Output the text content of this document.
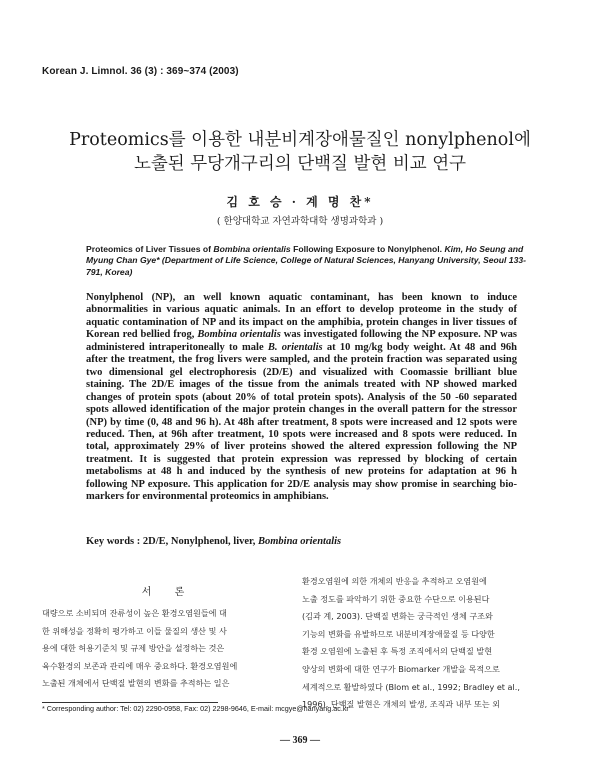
Korean J. Limnol. 36 (3) : 369~374 (2003)
Proteomics를 이용한 내분비계장애물질인 nonylphenol에
노출된 무당개구리의 단백질 발현 비교 연구
김 호 승 · 계 명 찬*
( 한양대학교 자연과학대학 생명과학과 )
Proteomics of Liver Tissues of Bombina orientalis Following Exposure to Nonylphenol. Kim, Ho Seung and Myung Chan Gye* (Department of Life Science, College of Natural Sciences, Hanyang University, Seoul 133- 791, Korea)
Nonylphenol (NP), an well known aquatic contaminant, has been known to induce abnormalities in various aquatic animals. In an effort to develop proteome in the study of aquatic contamination of NP and its impact on the amphibia, protein changes in liver tissues of Korean red bellied frog, Bombina orientalis was investigated following the NP exposure. NP was administered intraperitoneally to male B. orientalis at 10 mg/kg body weight. At 48 and 96h after the treatment, the frog livers were sampled, and the protein fraction was separated using two dimensional gel electrophoresis (2D/E) and visualized with Coomassie brilliant blue staining. The 2D/E images of the tissue from the animals treated with NP showed marked changes of protein spots (about 20% of total protein spots). Analysis of the 50 -60 separated spots allowed identification of the major protein changes in the overall pattern for the stressor (NP) by time (0, 48 and 96 h). At 48h after treatment, 8 spots were increased and 12 spots were reduced. Then, at 96h after treatment, 10 spots were increased and 8 spots were reduced. In total, approximately 29% of liver proteins showed the altered expression following the NP treatment. It is suggested that protein expression was repressed by blocking of certain metabolisms at 48 h and induced by the synthesis of new proteins for adaptation at 96 h following NP exposure. This application for 2D/E analysis may show promise in searching bio-markers for environmental proteomics in amphibians.
Key words : 2D/E, Nonylphenol, liver, Bombina orientalis
서 론
대량으로 소비되며 잔류성이 높은 환경오염원들에 대
한 위해성을 정확히 평가하고 이들 물질의 생산 및 사
용에 대한 허용기준치 및 규제 방안을 설정하는 것은
육수환경의 보존과 관리에 매우 중요하다. 환경오염원에
노출된 개체에서 단백질 발현의 변화를 추적하는 일은
환경오염원에 의한 개체의 반응을 추적하고 오염원에
노출 정도를 파악하기 위한 중요한 수단으로 이용된다
(김과 계, 2003). 단백질 변화는 궁극적인 생체 구조와
기능의 변화를 유발하므로 내분비계장애물질 등 다양한
환경 오염원에 노출된 후 특정 조직에서의 단백질 발현
양상의 변화에 대한 연구가 Biomarker 개발을 목적으로
세계적으로 활발하였다 (Blom et al., 1992; Bradley et al.,
1996). 단백질 발현은 개체의 발생, 조직과 내부 또는 외
* Corresponding author: Tel: 02) 2290-0958, Fax: 02) 2298-9646, E-mail: mcgye@hanyang.ac.kr
— 369 —
